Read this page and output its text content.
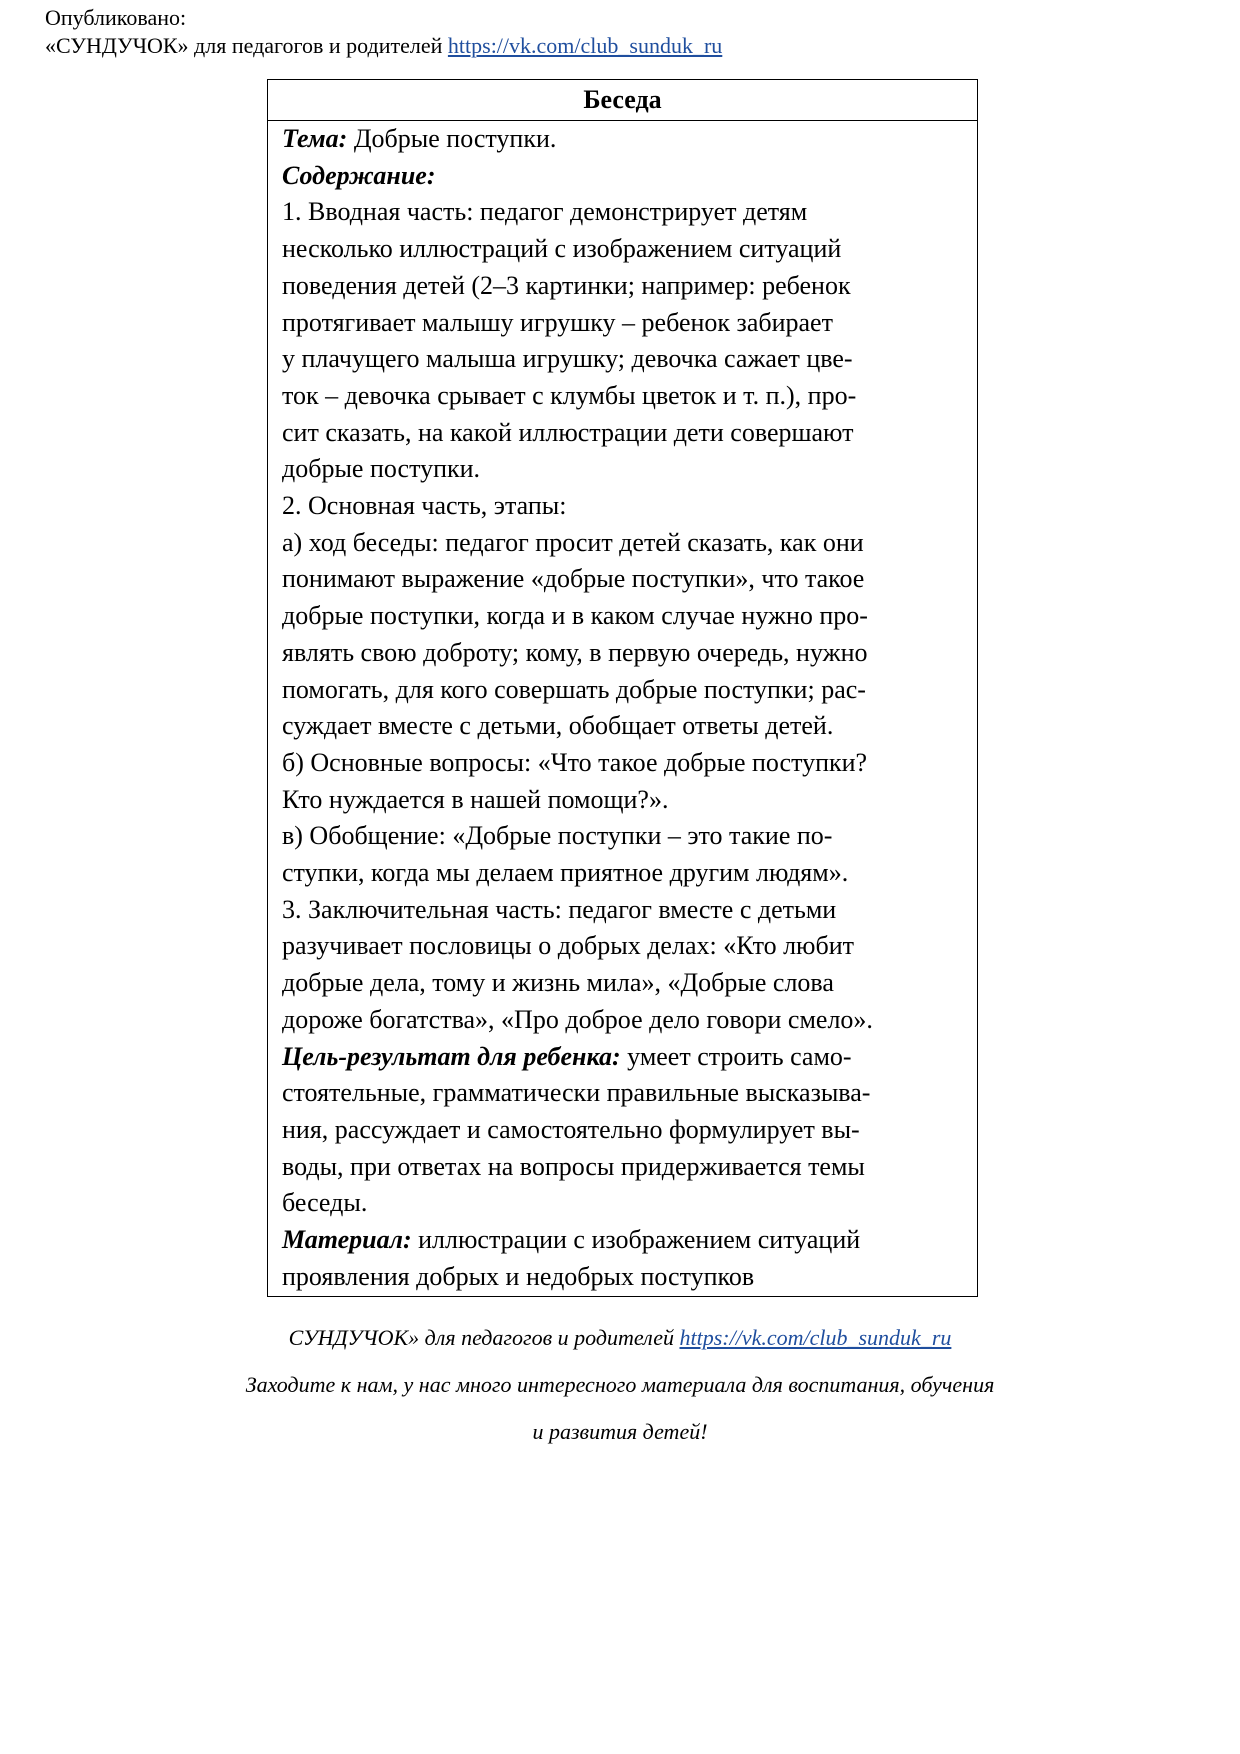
Опубликовано:
«СУНДУЧОК» для педагогов и родителей https://vk.com/club_sunduk_ru
Беседа

Тема: Добрые поступки.

Содержание:

1. Вводная часть: педагог демонстрирует детям

несколько иллюстраций с изображением ситуаций

поведения детей (2–3 картинки; например: ребенок

протягивает малышу игрушку – ребенок забирает

у плачущего малыша игрушку; девочка сажает цве-

ток – девочка срывает с клумбы цветок и т. п.), про-

сит сказать, на какой иллюстрации дети совершают

добрые поступки.

2. Основная часть, этапы:

а) ход беседы: педагог просит детей сказать, как они

понимают выражение «добрые поступки», что такое

добрые поступки, когда и в каком случае нужно про-

являть свою доброту; кому, в первую очередь, нужно

помогать, для кого совершать добрые поступки; рас-

суждает вместе с детьми, обобщает ответы детей.

б) Основные вопросы: «Что такое добрые поступки?

Кто нуждается в нашей помощи?».

в) Обобщение: «Добрые поступки – это такие по-

ступки, когда мы делаем приятное другим людям».

3. Заключительная часть: педагог вместе с детьми

разучивает пословицы о добрых делах: «Кто любит

добрые дела, тому и жизнь мила», «Добрые слова

дороже богатства», «Про доброе дело говори смело».

Цель-результат для ребенка: умеет строить само-

стоятельные, грамматически правильные высказыва-

ния, рассуждает и самостоятельно формулирует вы-

воды, при ответах на вопросы придерживается темы

беседы.

Материал: иллюстрации с изображением ситуаций

проявления добрых и недобрых поступков

СУНДУЧОК» для педагогов и родителей https://vk.com/club_sunduk_ru

Заходите к нам, у нас много интересного материала для воспитания, обучения

и развития детей!
